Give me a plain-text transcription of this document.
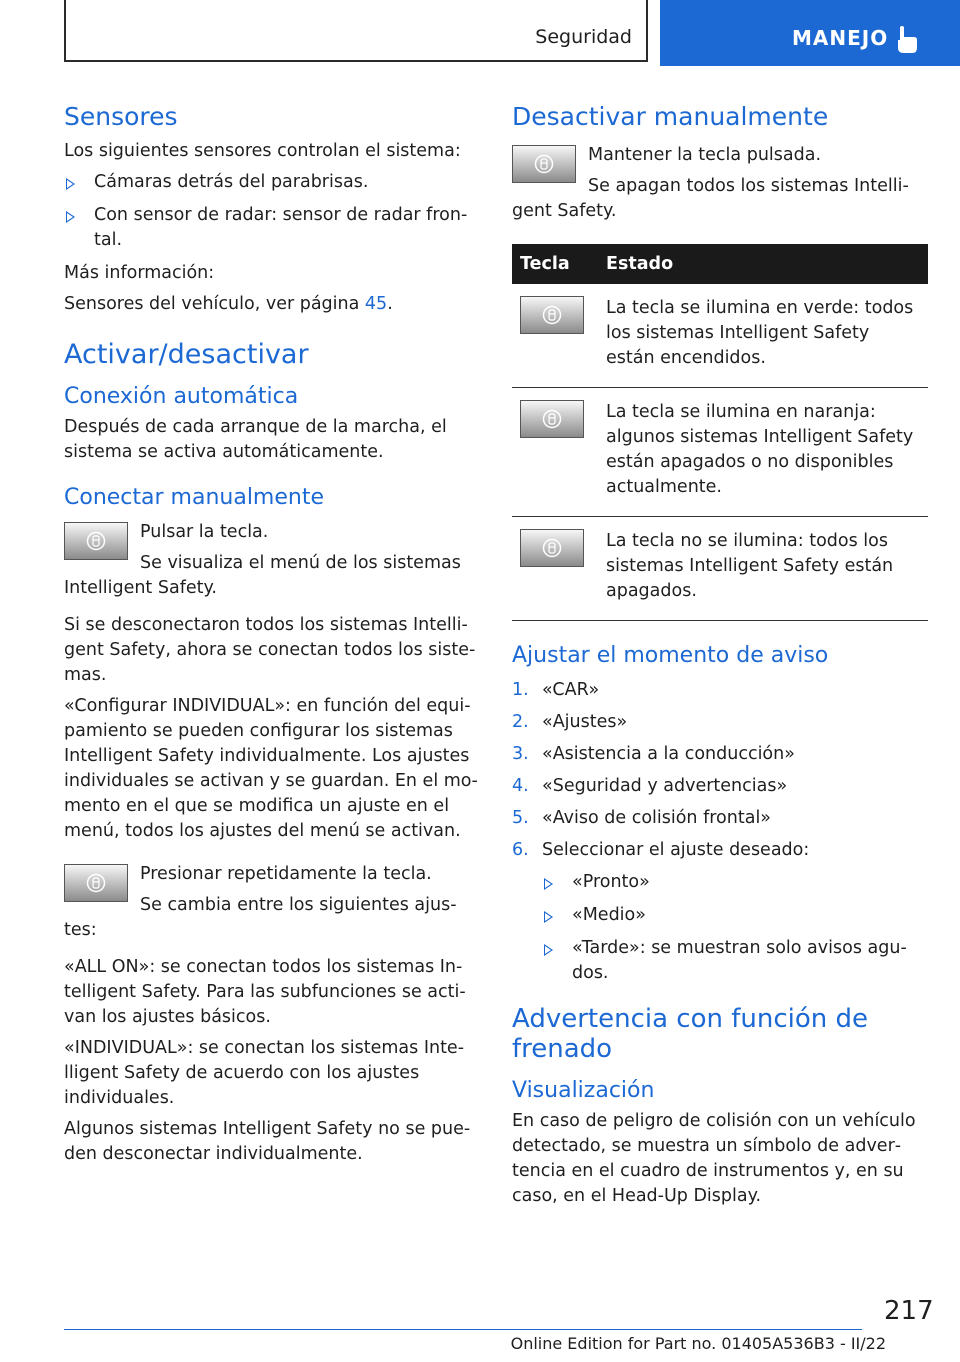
Seguridad	MANEJO
Sensores

Los siguientes sensores controlan el sistema:

Cámaras detrás del parabrisas.
Con sensor de radar: sensor de radar frontal.

Más información:

Sensores del vehículo, ver página 45.

Activar/desactivar
Conexión automática

Después de cada arranque de la marcha, el sistema se activa automáticamente.

Conectar manualmente

Pulsar la tecla.

Se visualiza el menú de los sistemas Intelligent Safety.

Si se desconectaron todos los sistemas Intelligent Safety, ahora se conectan todos los sistemas.

«Configurar INDIVIDUAL»: en función del equipamiento se pueden configurar los sistemas Intelligent Safety individualmente. Los ajustes individuales se activan y se guardan. En el momento en el que se modifica un ajuste en el menú, todos los ajustes del menú se activan.

Presionar repetidamente la tecla.

Se cambia entre los siguientes ajustes:

«ALL ON»: se conectan todos los sistemas Intelligent Safety. Para las subfunciones se activan los ajustes básicos.

«INDIVIDUAL»: se conectan los sistemas Intelligent Safety de acuerdo con los ajustes individuales.

Algunos sistemas Intelligent Safety no se pueden desconectar individualmente.

Desactivar manualmente

Mantener la tecla pulsada.

Se apagan todos los sistemas Intelligent Safety.

Tecla	Estado

	La tecla se ilumina en verde: todos los sistemas Intelligent Safety están encendidos.

	La tecla se ilumina en naranja: algunos sistemas Intelligent Safety están apagados o no disponibles actualmente.

	La tecla no se ilumina: todos los sistemas Intelligent Safety están apagados.
Ajustar el momento de aviso
1. «CAR»
2. «Ajustes»
3. «Asistencia a la conducción»
4. «Seguridad y advertencias»
5. «Aviso de colisión frontal»
6. Seleccionar el ajuste deseado:
«Pronto»
«Medio»
«Tarde»: se muestran solo avisos agudos.
Advertencia con función de frenado
Visualización

En caso de peligro de colisión con un vehículo detectado, se muestra un símbolo de advertencia en el cuadro de instrumentos y, en su caso, en el Head-Up Display.

217
Online Edition for Part no. 01405A536B3 - II/22
